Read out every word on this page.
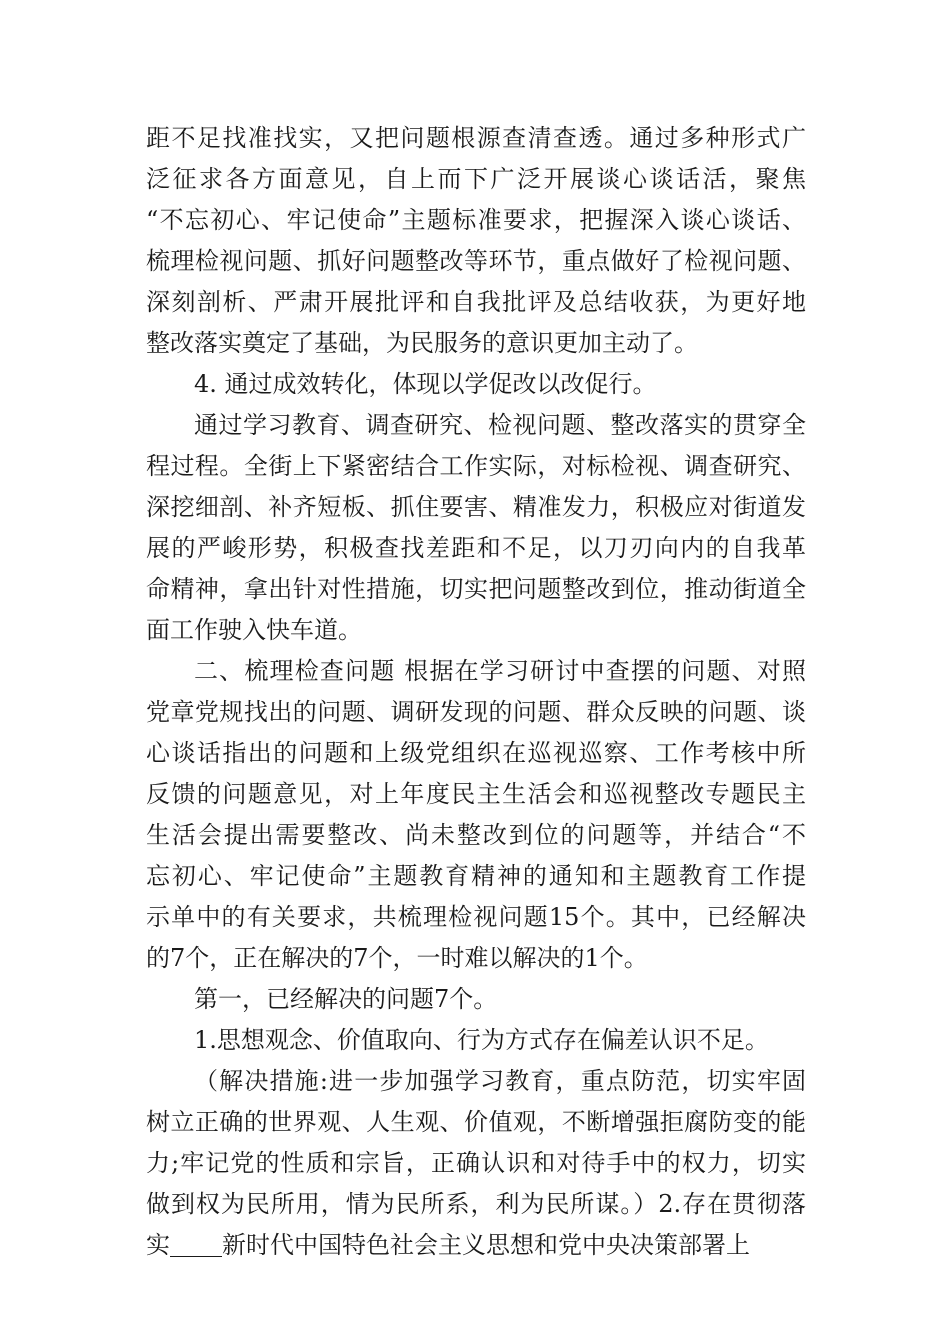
距不足找准找实，又把问题根源查清查透。通过多种形式广
泛征求各方面意见，自上而下广泛开展谈心谈话活，聚焦
“不忘初心、牢记使命”主题标准要求，把握深入谈心谈话、
梳理检视问题、抓好问题整改等环节，重点做好了检视问题、
深刻剖析、严肃开展批评和自我批评及总结收获，为更好地
整改落实奠定了基础，为民服务的意识更加主动了。
4. 通过成效转化，体现以学促改以改促行。
通过学习教育、调查研究、检视问题、整改落实的贯穿全
程过程。全街上下紧密结合工作实际，对标检视、调查研究、
深挖细剖、补齐短板、抓住要害、精准发力，积极应对街道发
展的严峻形势，积极查找差距和不足，以刀刃向内的自我革
命精神，拿出针对性措施，切实把问题整改到位，推动街道全
面工作驶入快车道。
二、梳理检查问题 根据在学习研讨中查摆的问题、对照
党章党规找出的问题、调研发现的问题、群众反映的问题、谈
心谈话指出的问题和上级党组织在巡视巡察、工作考核中所
反馈的问题意见，对上年度民主生活会和巡视整改专题民主
生活会提出需要整改、尚未整改到位的问题等，并结合“不
忘初心、牢记使命”主题教育精神的通知和主题教育工作提
示单中的有关要求，共梳理检视问题15个。其中，已经解决
的7个，正在解决的7个，一时难以解决的1个。
第一，已经解决的问题7个。
1.思想观念、价值取向、行为方式存在偏差认识不足。
（解决措施:进一步加强学习教育，重点防范，切实牢固
树立正确的世界观、人生观、价值观，不断增强拒腐防变的能
力;牢记党的性质和宗旨，正确认识和对待手中的权力，切实
做到权为民所用，情为民所系，利为民所谋。）2.存在贯彻落
实 新时代中国特色社会主义思想和党中央决策部署上
